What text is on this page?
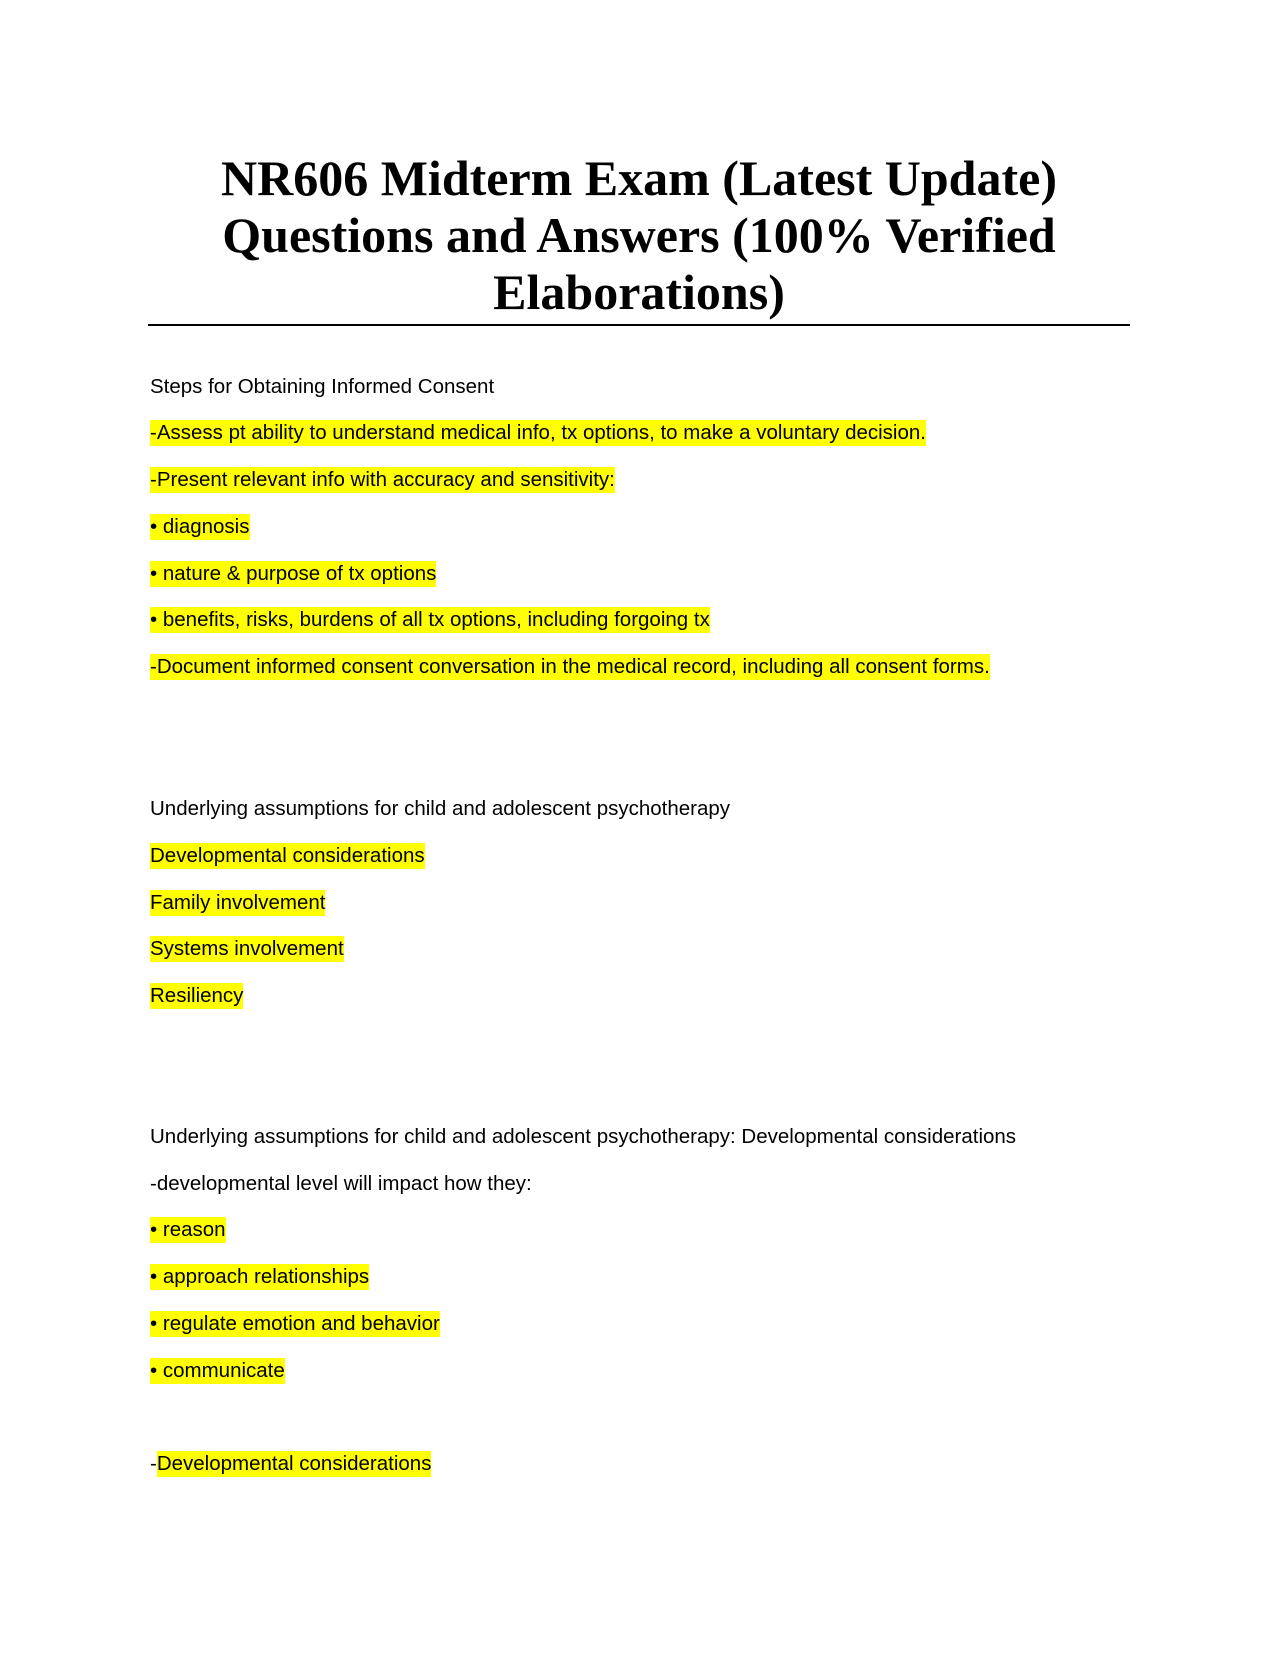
NR606 Midterm Exam (Latest Update)
Questions and Answers (100% Verified
Elaborations)
Steps for Obtaining Informed Consent
-Assess pt ability to understand medical info, tx options, to make a voluntary decision.
-Present relevant info with accuracy and sensitivity:
• diagnosis
• nature & purpose of tx options
• benefits, risks, burdens of all tx options, including forgoing tx
-Document informed consent conversation in the medical record, including all consent forms.
Underlying assumptions for child and adolescent psychotherapy
Developmental considerations
Family involvement
Systems involvement
Resiliency
Underlying assumptions for child and adolescent psychotherapy: Developmental considerations
-developmental level will impact how they:
• reason
• approach relationships
• regulate emotion and behavior
• communicate
-Developmental considerations
